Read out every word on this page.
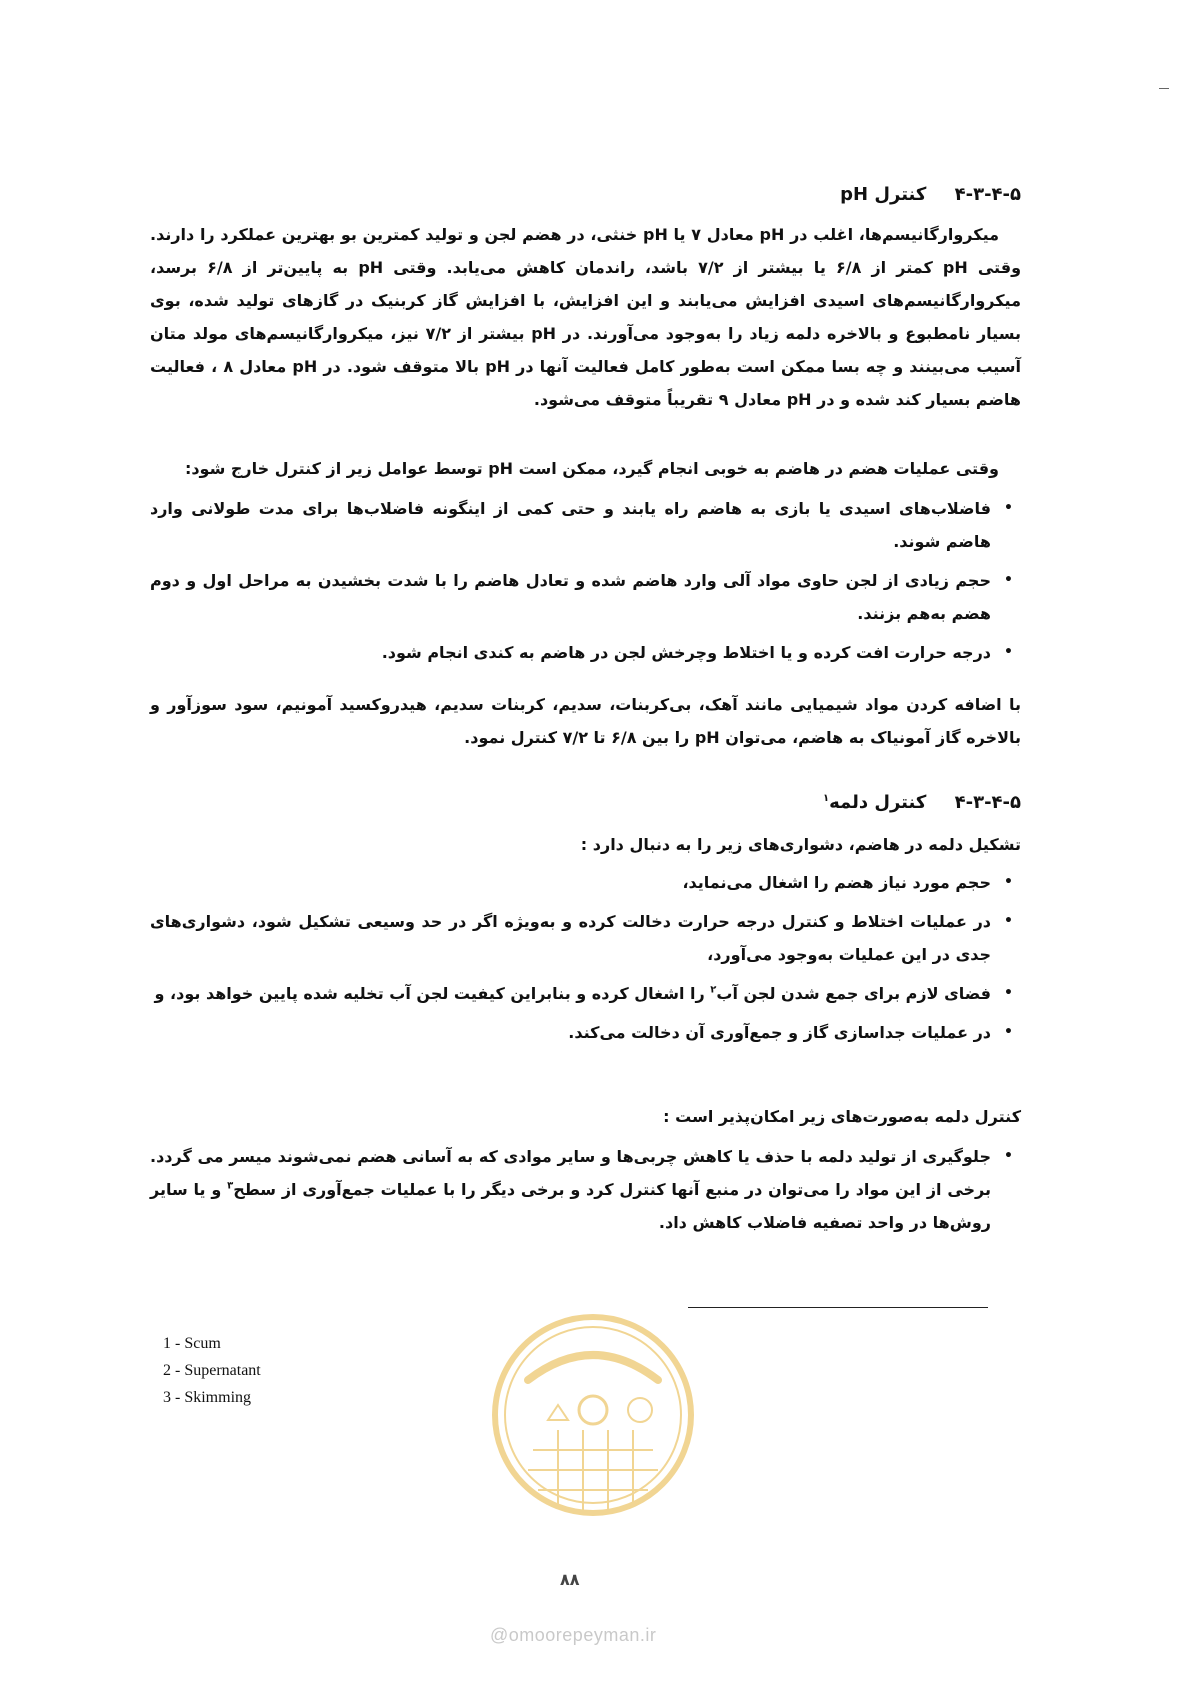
۴-۳-۴-۵ کنترل pH
میکروارگانیسم‌ها، اغلب در pH معادل ۷ یا pH خنثی، در هضم لجن و تولید کمترین بو بهترین عملکرد را دارند. وقتی pH کمتر از ۶/۸ یا بیشتر از ۷/۲ باشد، راندمان کاهش می‌یابد. وقتی pH به پایین‌تر از ۶/۸ برسد، میکروارگانیسم‌های اسیدی افزایش می‌یابند و این افزایش، با افزایش گاز کربنیک در گازهای تولید شده، بوی بسیار نامطبوع و بالاخره دلمه زیاد را به‌وجود می‌آورند. در pH بیشتر از ۷/۲ نیز، میکروارگانیسم‌های مولد متان آسیب می‌بینند و چه بسا ممکن است به‌طور کامل فعالیت آنها در pH بالا متوقف شود. در pH معادل ۸ ، فعالیت هاضم بسیار کند شده و در pH معادل ۹ تقریباً متوقف می‌شود.
وقتی عملیات هضم در هاضم به خوبی انجام گیرد، ممکن است pH توسط عوامل زیر از کنترل خارج شود:
•
فاضلاب‌های اسیدی یا بازی به هاضم راه یابند و حتی کمی از اینگونه فاضلاب‌ها برای مدت طولانی وارد هاضم شوند.
•
حجم زیادی از لجن حاوی مواد آلی وارد هاضم شده و تعادل هاضم را با شدت بخشیدن به مراحل اول و دوم هضم به‌هم بزنند.
•
درجه حرارت افت کرده و یا اختلاط وچرخش لجن در هاضم به کندی انجام شود.
با اضافه کردن مواد شیمیایی مانند آهک، بی‌کربنات، سدیم، کربنات سدیم، هیدروکسید آمونیم، سود سوزآور و بالاخره گاز آمونیاک به هاضم، می‌توان pH را بین ۶/۸ تا ۷/۲ کنترل نمود.
۴-۳-۴-۵ کنترل دلمه$^۱$
تشکیل دلمه در هاضم، دشواری‌های زیر را به دنبال دارد :
•
حجم مورد نیاز هضم را اشغال می‌نماید،
•
در عملیات اختلاط و کنترل درجه حرارت دخالت کرده و به‌ویژه اگر در حد وسیعی تشکیل شود، دشواری‌های جدی در این عملیات به‌وجود می‌آورد،
•
فضای لازم برای جمع شدن لجن آب$^۲$ را اشغال کرده و بنابراین کیفیت لجن آب تخلیه شده پایین خواهد بود، و
•
در عملیات جداسازی گاز و جمع‌آوری آن دخالت می‌کند.
کنترل دلمه به‌صورت‌های زیر امکان‌پذیر است :
•
جلوگیری از تولید دلمه با حذف یا کاهش چربی‌ها و سایر موادی که به آسانی هضم نمی‌شوند میسر می گردد. برخی از این مواد را می‌توان در منبع آنها کنترل کرد و برخی دیگر را با عملیات جمع‌آوری از سطح$^۳$ و یا سایر روش‌ها در واحد تصفیه فاضلاب کاهش داد.
1 - Scum
2 - Supernatant
3 - Skimming
۸۸
@omoorepeyman.ir
